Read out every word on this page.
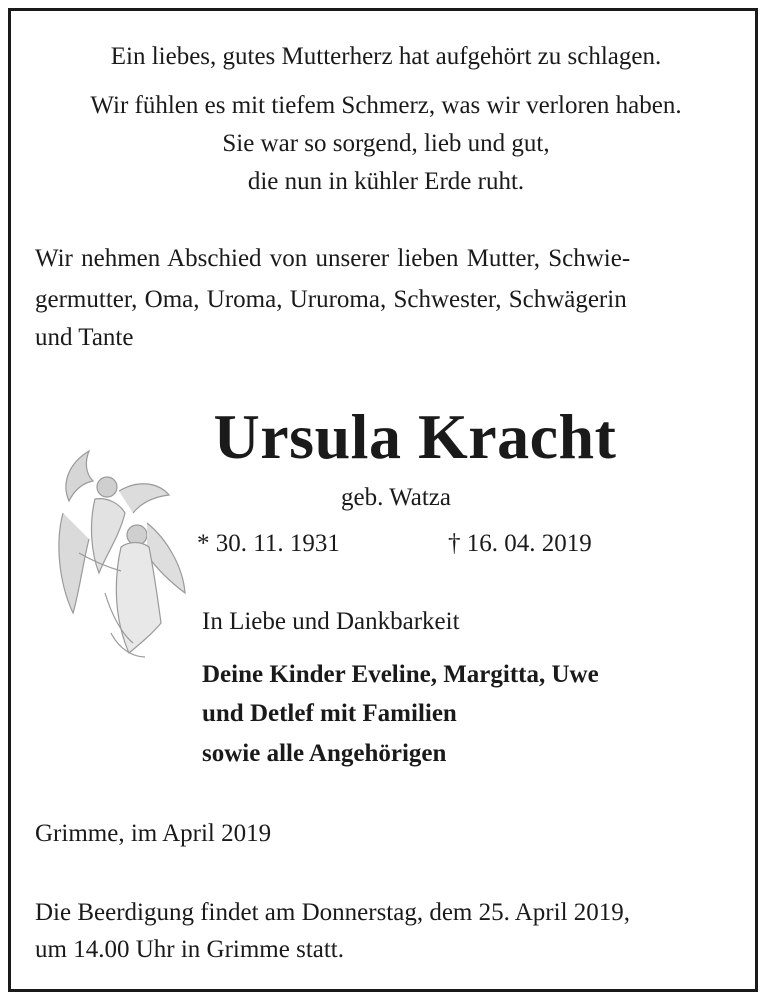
Ein liebes, gutes Mutterherz hat aufgehört zu schlagen.
Wir fühlen es mit tiefem Schmerz, was wir verloren haben.
Sie war so sorgend, lieb und gut,
die nun in kühler Erde ruht.
Wir nehmen Abschied von unserer lieben Mutter, Schwie-
germutter, Oma, Uroma, Ururoma, Schwester, Schwägerin
und Tante
Ursula Kracht
geb. Watza
* 30. 11. 1931	† 16. 04. 2019
In Liebe und Dankbarkeit
Deine Kinder Eveline, Margitta, Uwe
und Detlef mit Familien
sowie alle Angehörigen
Grimme, im April 2019
Die Beerdigung findet am Donnerstag, dem 25. April 2019,
um 14.00 Uhr in Grimme statt.
